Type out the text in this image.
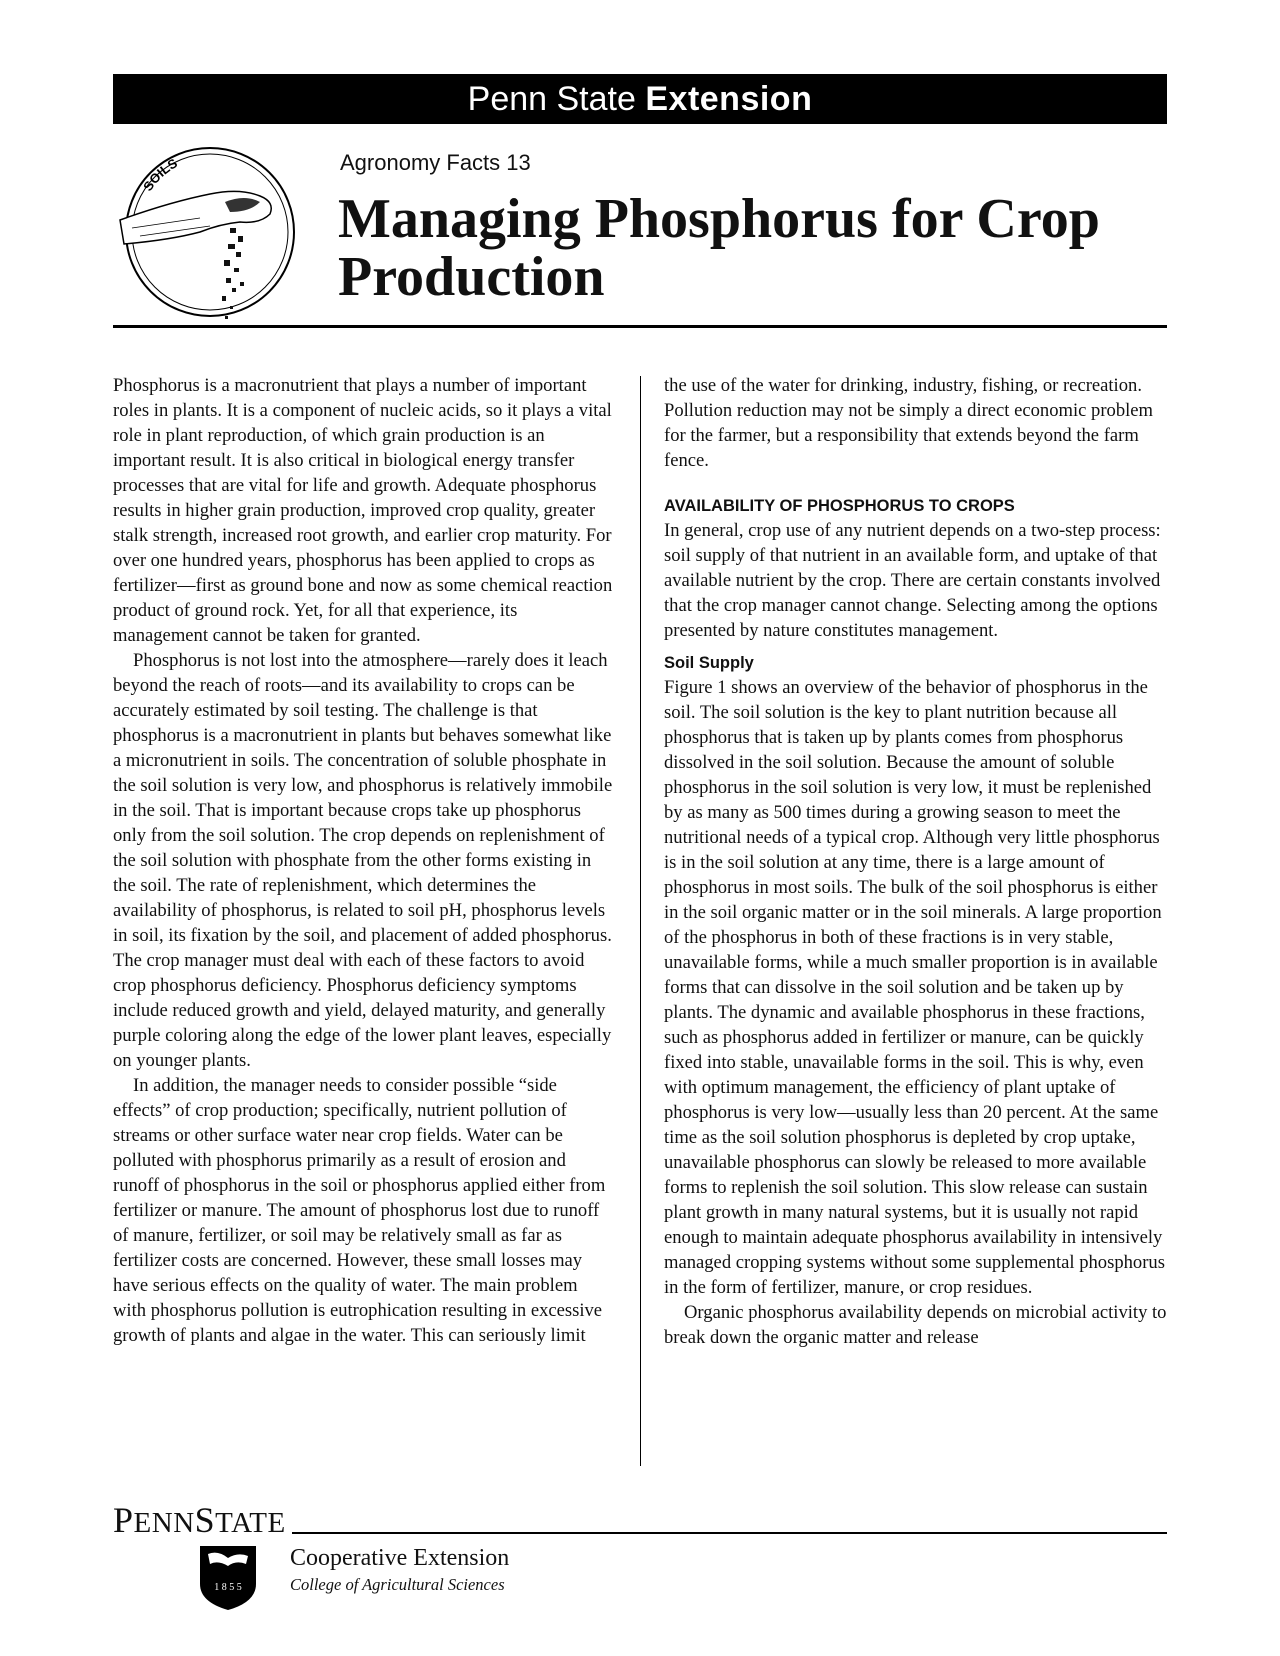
Penn State Extension
SOILS	Agronomy Facts 13
Managing Phosphorus for Crop Production

Phosphorus is a macronutrient that plays a number of important roles in plants. It is a component of nucleic acids, so it plays a vital role in plant reproduction, of which grain production is an important result. It is also critical in biological energy transfer processes that are vital for life and growth. Adequate phosphorus results in higher grain production, improved crop quality, greater stalk strength, increased root growth, and earlier crop maturity. For over one hundred years, phosphorus has been applied to crops as fertilizer—first as ground bone and now as some chemical reaction product of ground rock. Yet, for all that experience, its management cannot be taken for granted.

Phosphorus is not lost into the atmosphere—rarely does it leach beyond the reach of roots—and its availability to crops can be accurately estimated by soil testing. The challenge is that phosphorus is a macronutrient in plants but behaves somewhat like a micronutrient in soils. The concentration of soluble phosphate in the soil solution is very low, and phosphorus is relatively immobile in the soil. That is important because crops take up phosphorus only from the soil solution. The crop depends on replenishment of the soil solution with phosphate from the other forms existing in the soil. The rate of replenishment, which determines the availability of phosphorus, is related to soil pH, phosphorus levels in soil, its fixation by the soil, and placement of added phosphorus. The crop manager must deal with each of these factors to avoid crop phosphorus deficiency. Phosphorus deficiency symptoms include reduced growth and yield, delayed maturity, and generally purple coloring along the edge of the lower plant leaves, especially on younger plants.

In addition, the manager needs to consider possible “side effects” of crop production; specifically, nutrient pollution of streams or other surface water near crop fields. Water can be polluted with phosphorus primarily as a result of erosion and runoff of phosphorus in the soil or phosphorus applied either from fertilizer or manure. The amount of phosphorus lost due to runoff of manure, fertilizer, or soil may be relatively small as far as fertilizer costs are concerned. However, these small losses may have serious effects on the quality of water. The main problem with phosphorus pollution is eutrophication resulting in excessive growth of plants and algae in the water. This can seriously limit

the use of the water for drinking, industry, fishing, or recreation. Pollution reduction may not be simply a direct economic problem for the farmer, but a responsibility that extends beyond the farm fence.

AVAILABILITY OF PHOSPHORUS TO CROPS

In general, crop use of any nutrient depends on a two-step process: soil supply of that nutrient in an available form, and uptake of that available nutrient by the crop. There are certain constants involved that the crop manager cannot change. Selecting among the options presented by nature constitutes management.

Soil Supply

Figure 1 shows an overview of the behavior of phosphorus in the soil. The soil solution is the key to plant nutrition because all phosphorus that is taken up by plants comes from phosphorus dissolved in the soil solution. Because the amount of soluble phosphorus in the soil solution is very low, it must be replenished by as many as 500 times during a growing season to meet the nutritional needs of a typical crop. Although very little phosphorus is in the soil solution at any time, there is a large amount of phosphorus in most soils. The bulk of the soil phosphorus is either in the soil organic matter or in the soil minerals. A large proportion of the phosphorus in both of these fractions is in very stable, unavailable forms, while a much smaller proportion is in available forms that can dissolve in the soil solution and be taken up by plants. The dynamic and available phosphorus in these fractions, such as phosphorus added in fertilizer or manure, can be quickly fixed into stable, unavailable forms in the soil. This is why, even with optimum management, the efficiency of plant uptake of phosphorus is very low—usually less than 20 percent. At the same time as the soil solution phosphorus is depleted by crop uptake, unavailable phosphorus can slowly be released to more available forms to replenish the soil solution. This slow release can sustain plant growth in many natural systems, but it is usually not rapid enough to maintain adequate phosphorus availability in intensively managed cropping systems without some supplemental phosphorus in the form of fertilizer, manure, or crop residues.

Organic phosphorus availability depends on microbial activity to break down the organic matter and release

PENNSTATE
1 8 5 5
Cooperative Extension
College of Agricultural Sciences
